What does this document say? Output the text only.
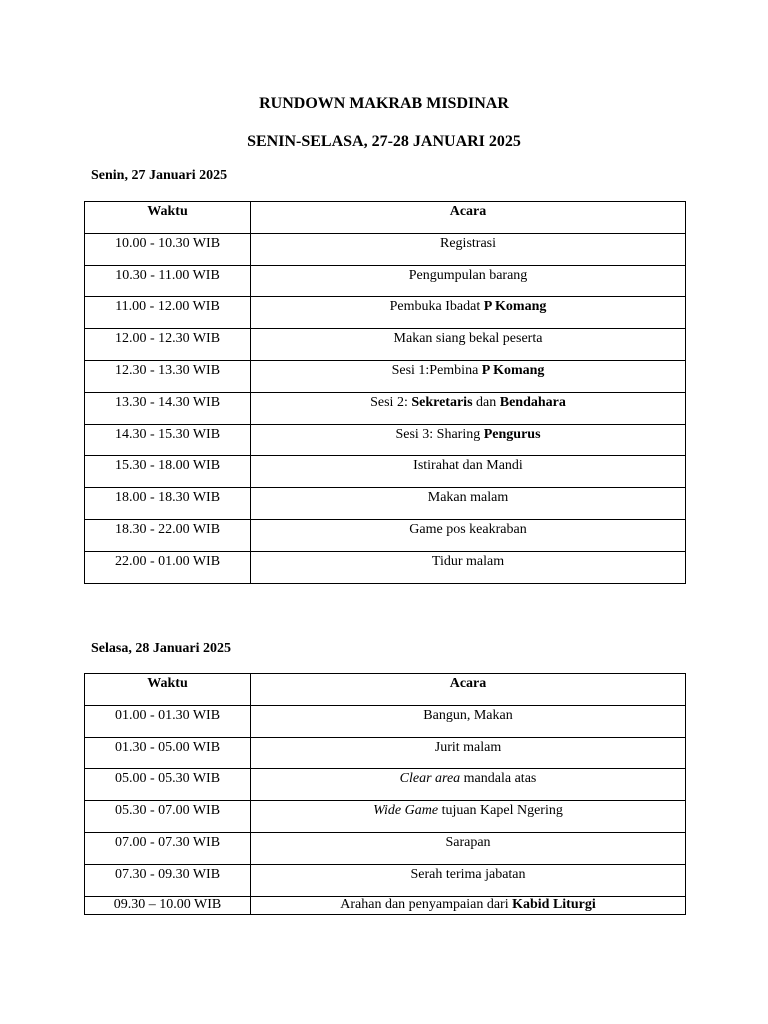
RUNDOWN MAKRAB MISDINAR
SENIN-SELASA, 27-28 JANUARI 2025

Senin, 27 Januari 2025

Waktu	Acara
10.00 - 10.30 WIB	Registrasi
10.30 - 11.00 WIB	Pengumpulan barang
11.00 - 12.00 WIB	Pembuka Ibadat P Komang
12.00 - 12.30 WIB	Makan siang bekal peserta
12.30 - 13.30 WIB	Sesi 1:Pembina P Komang
13.30 - 14.30 WIB	Sesi 2: Sekretaris dan Bendahara
14.30 - 15.30 WIB	Sesi 3: Sharing Pengurus
15.30 - 18.00 WIB	Istirahat dan Mandi
18.00 - 18.30 WIB	Makan malam
18.30 - 22.00 WIB	Game pos keakraban
22.00 - 01.00 WIB	Tidur malam

Selasa, 28 Januari 2025

Waktu	Acara
01.00 - 01.30 WIB	Bangun, Makan
01.30 - 05.00 WIB	Jurit malam
05.00 - 05.30 WIB	Clear area mandala atas
05.30 - 07.00 WIB	Wide Game tujuan Kapel Ngering
07.00 - 07.30 WIB	Sarapan
07.30 - 09.30 WIB	Serah terima jabatan
09.30 – 10.00 WIB	Arahan dan penyampaian dari Kabid Liturgi
